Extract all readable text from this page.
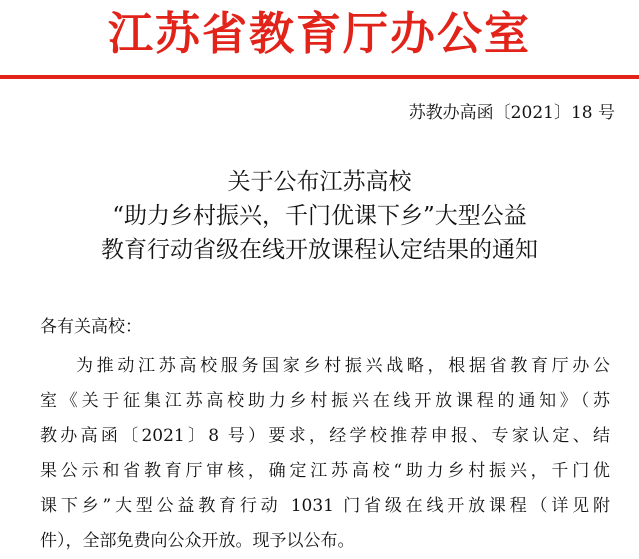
江苏省教育厅办公室
苏教办高函〔2021〕18 号
关于公布江苏高校
“助力乡村振兴，千门优课下乡”大型公益
教育行动省级在线开放课程认定结果的通知
各有关高校：
为推动江苏高校服务国家乡村振兴战略，根据省教育厅办公
室《关于征集江苏高校助力乡村振兴在线开放课程的通知》（苏
教办高函〔2021〕8 号）要求，经学校推荐申报、专家认定、结
果公示和省教育厅审核，确定江苏高校“助力乡村振兴，千门优
课下乡”大型公益教育行动 1031 门省级在线开放课程（详见附
件），全部免费向公众开放。现予以公布。
